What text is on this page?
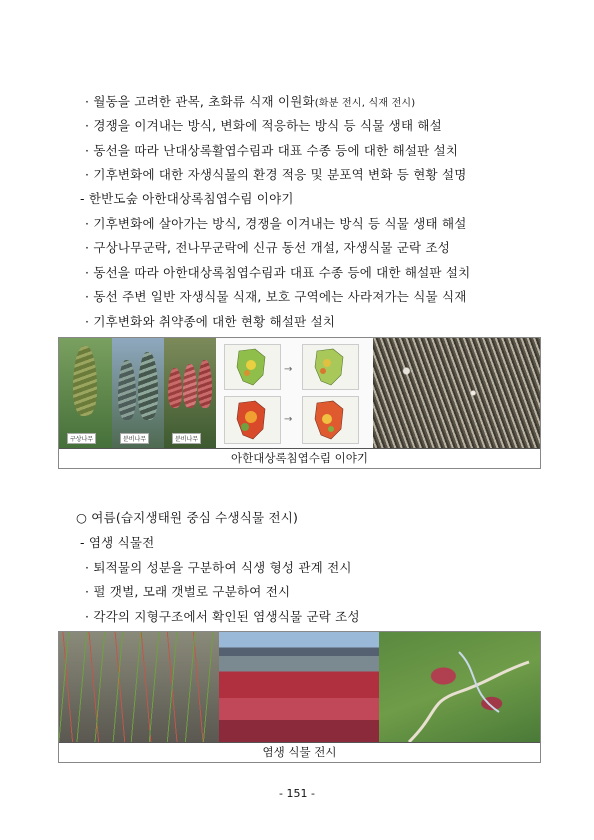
· 월동을 고려한 관목, 초화류 식재 이원화(화분 전시, 식재 전시)
· 경쟁을 이겨내는 방식, 변화에 적응하는 방식 등 식물 생태 해설
· 동선을 따라 난대상록활엽수림과 대표 수종 등에 대한 해설판 설치
· 기후변화에 대한 자생식물의 환경 적응 및 분포역 변화 등 현황 설명
- 한반도숲 아한대상록침엽수림 이야기
· 기후변화에 살아가는 방식, 경쟁을 이겨내는 방식 등 식물 생태 해설
· 구상나무군락, 전나무군락에 신규 동선 개설, 자생식물 군락 조성
· 동선을 따라 아한대상록침엽수림과 대표 수종 등에 대한 해설판 설치
· 동선 주변 일반 자생식물 식재, 보호 구역에는 사라져가는 식물 식재
· 기후변화와 취약종에 대한 현황 해설판 설치
구상나무	분비나무	분비나무
→
→
아한대상록침엽수림 이야기
○ 여름(습지생태원 중심 수생식물 전시)
- 염생 식물전
· 퇴적물의 성분을 구분하여 식생 형성 관계 전시
· 펄 갯벌, 모래 갯벌로 구분하여 전시
· 각각의 지형구조에서 확인된 염생식물 군락 조성
염생 식물 전시
- 151 -
